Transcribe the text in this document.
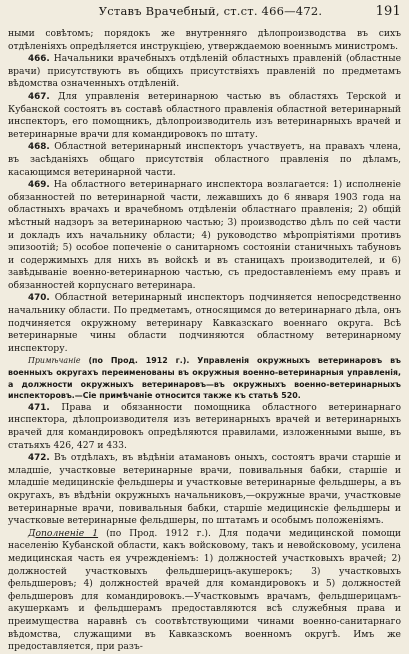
Уставъ Врачебный, ст.ст. 466—472.	191

ными совѣтомъ; порядокъ же внутренняго дѣлопроизводства въ сихъ отдѣленіяхъ опредѣляется инструкціею, утверждаемою военнымъ министромъ.

466. Начальники врачебныхъ отдѣленій областныхъ правленій (областные врачи) присутствуютъ въ общихъ присутствіяхъ правленій по предметамъ вѣдомства означенныхъ отдѣленій.

467. Для управленія ветеринарною частью въ областяхъ Терской и Кубанской состоятъ въ составѣ областного правленія областной ветеринарный инспекторъ, его помощникъ, дѣлопроизводитель изъ ветеринарныхъ врачей и ветеринарные врачи для командировокъ по штату.

468. Областной ветеринарный инспекторъ участвуетъ, на правахъ члена, въ засѣданіяхъ общаго присутствія областного правленія по дѣламъ, касающимся ветеринарной части.

469. На областного ветеринарнаго инспектора возлагается: 1) исполненіе обязанностей по ветеринарной части, лежавшихъ до 6 января 1903 года на областныхъ врачахъ и врачебномъ отдѣленіи областнаго правленія; 2) общій мѣстный надзоръ за ветеринарною частью; 3) производство дѣлъ по сей части и докладъ ихъ начальнику области; 4) руководство мѣропріятіями противъ эпизоотій; 5) особое попеченіе о санитарномъ состояніи станичныхъ табуновъ и содержимыхъ для нихъ въ войскѣ и въ станицахъ производителей, и 6) завѣдываніе военно-ветеринарною частью, съ предоставленіемъ ему правъ и обязанностей корпуснаго ветеринара.

470. Областной ветеринарный инспекторъ подчиняется непосредственно начальнику области. По предметамъ, относящимся до ветеринарнаго дѣла, онъ подчиняется окружному ветеринару Кавказскаго военнаго округа. Всѣ ветеринарные чины области подчиняются областному ветеринарному инспектору.

Примѣчаніе (по Прод. 1912 г.). Управленія окружныхъ ветеринаровъ въ военныхъ округахъ переименованы въ окружныя военно-ветеринарныя управленія, а должности окружныхъ ветеринаровъ—въ окружныхъ военно-ветеринарныхъ инспекторовъ.—Сіе примѣчаніе относится также къ статьѣ 520.

471. Права и обязанности помощника областного ветеринарнаго инспектора, дѣлопроизводителя изъ ветеринарныхъ врачей и ветеринарныхъ врачей для командировокъ опредѣляются правилами, изложенными выше, въ статьяхъ 426, 427 и 433.

472. Въ отдѣлахъ, въ вѣдѣніи атамановъ оныхъ, состоятъ врачи старшіе и младшіе, участковые ветеринарные врачи, повивальныя бабки, старшіе и младшіе медицинскіе фельдшеры и участковые ветеринарные фельдшеры, а въ округахъ, въ вѣдѣніи окружныхъ начальниковъ,—окружные врачи, участковые ветеринарные врачи, повивальныя бабки, старшіе медицинскіе фельдшеры и участковые ветеринарные фельдшеры, по штатамъ и особымъ положеніямъ.

Дополненіе 1 (по Прод. 1912 г.). Для подачи медицинской помощи населенію Кубанской области, какъ войсковому, такъ и невойсковому, усилена медицинская часть ея учрежденіемъ: 1) должностей участковыхъ врачей; 2) должностей участковыхъ фельдшерицъ-акушерокъ; 3) участковыхъ фельдшеровъ; 4) должностей врачей для командировокъ и 5) должностей фельдшеровъ для командировокъ.—Участковымъ врачамъ, фельдшерицамъ-акушеркамъ и фельдшерамъ предоставляются всѣ служебныя права и преимущества наравнѣ съ соотвѣтствующими чинами военно-санитарнаго вѣдомства, служащими въ Кавказскомъ военномъ округѣ. Имъ же предоставляется, при разъ-
